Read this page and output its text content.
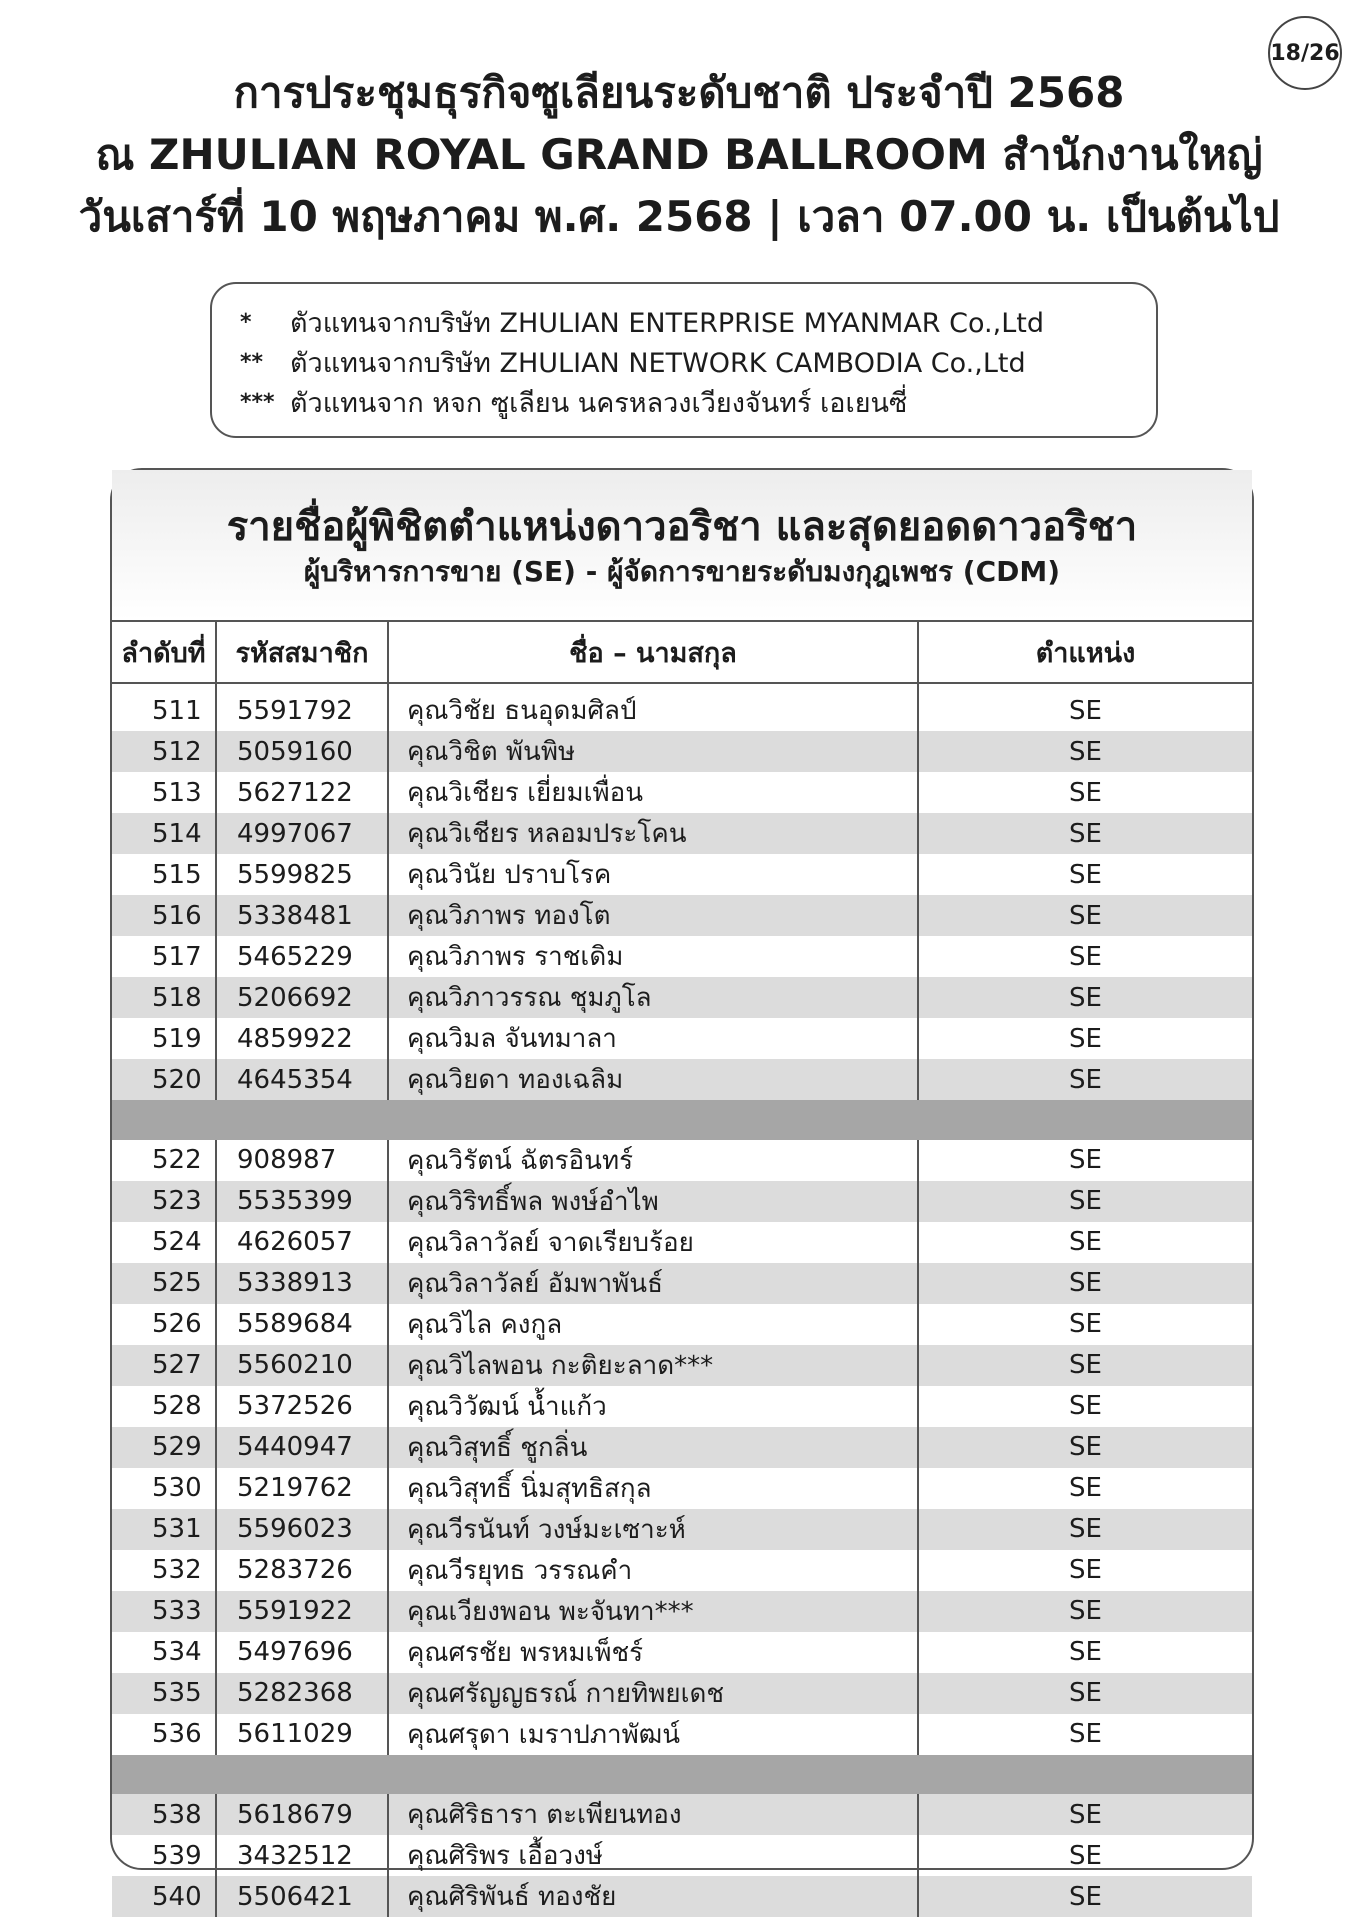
18/26
การประชุมธุรกิจซูเลียนระดับชาติ ประจำปี 2568
ณ ZHULIAN ROYAL GRAND BALLROOM สำนักงานใหญ่
วันเสาร์ที่ 10 พฤษภาคม พ.ศ. 2568 | เวลา 07.00 น. เป็นต้นไป
*	ตัวแทนจากบริษัท ZHULIAN ENTERPRISE MYANMAR Co.,Ltd
** ตัวแทนจากบริษัท ZHULIAN NETWORK CAMBODIA Co.,Ltd
*** ตัวแทนจาก หจก ซูเลียน นครหลวงเวียงจันทร์ เอเยนซี่
รายชื่อผู้พิชิตตำแหน่งดาวอริชา และสุดยอดดาวอริชา
ผู้บริหารการขาย (SE) - ผู้จัดการขายระดับมงกุฎเพชร (CDM)
ลำดับที่	รหัสสมาชิก	ชื่อ – นามสกุล	ตำแหน่ง
511	5591792	คุณวิชัย ธนอุดมศิลป์	SE
512	5059160	คุณวิชิต พันพิษ	SE
513	5627122	คุณวิเชียร เยี่ยมเพื่อน	SE
514	4997067	คุณวิเชียร หลอมประโคน	SE
515	5599825	คุณวินัย ปราบโรค	SE
516	5338481	คุณวิภาพร ทองโต	SE
517	5465229	คุณวิภาพร ราชเดิม	SE
518	5206692	คุณวิภาวรรณ ชุมภูโล	SE
519	4859922	คุณวิมล จันทมาลา	SE
520	4645354	คุณวิยดา ทองเฉลิม	SE

522	908987	คุณวิรัตน์ ฉัตรอินทร์	SE
523	5535399	คุณวิริทธิ์พล พงษ์อำไพ	SE
524	4626057	คุณวิลาวัลย์ จาดเรียบร้อย	SE
525	5338913	คุณวิลาวัลย์ อัมพาพันธ์	SE
526	5589684	คุณวิไล คงกูล	SE
527	5560210	คุณวิไลพอน กะติยะลาด***	SE
528	5372526	คุณวิวัฒน์ น้ำแก้ว	SE
529	5440947	คุณวิสุทธิ์ ชูกลิ่น	SE
530	5219762	คุณวิสุทธิ์ นิ่มสุทธิสกุล	SE
531	5596023	คุณวีรนันท์ วงษ์มะเซาะห์	SE
532	5283726	คุณวีรยุทธ วรรณคำ	SE
533	5591922	คุณเวียงพอน พะจันทา***	SE
534	5497696	คุณศรชัย พรหมเพ็ชร์	SE
535	5282368	คุณศรัญญธรณ์ กายทิพยเดช	SE
536	5611029	คุณศรุดา เมราปภาพัฒน์	SE

538	5618679	คุณศิริธารา ตะเพียนทอง	SE
539	3432512	คุณศิริพร เอื้อวงษ์	SE
540	5506421	คุณศิริพันธ์ ทองชัย	SE
